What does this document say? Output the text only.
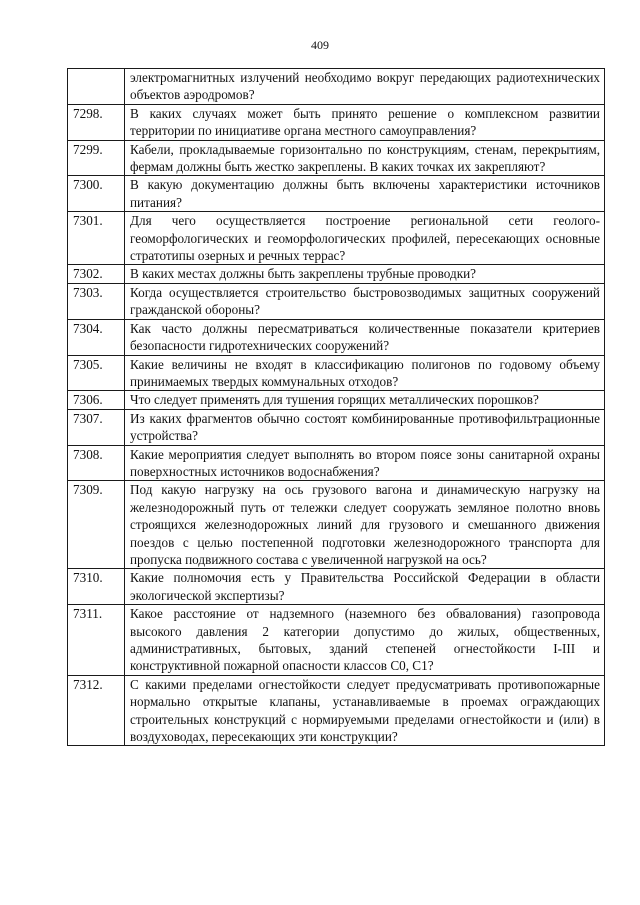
409
	электромагнитных излучений необходимо вокруг передающих радиотехнических объектов аэродромов?
7298.	В каких случаях может быть принято решение о комплексном развитии территории по инициативе органа местного самоуправления?
7299.	Кабели, прокладываемые горизонтально по конструкциям, стенам, перекрытиям, фермам должны быть жестко закреплены. В каких точках их закрепляют?
7300.	В какую документацию должны быть включены характеристики источников питания?
7301.	Для чего осуществляется построение региональной сети геолого-геоморфологических и геоморфологических профилей, пересекающих основные стратотипы озерных и речных террас?
7302.	В каких местах должны быть закреплены трубные проводки?
7303.	Когда осуществляется строительство быстровозводимых защитных сооружений гражданской обороны?
7304.	Как часто должны пересматриваться количественные показатели критериев безопасности гидротехнических сооружений?
7305.	Какие величины не входят в классификацию полигонов по годовому объему принимаемых твердых коммунальных отходов?
7306.	Что следует применять для тушения горящих металлических порошков?
7307.	Из каких фрагментов обычно состоят комбинированные противофильтрационные устройства?
7308.	Какие мероприятия следует выполнять во втором поясе зоны санитарной охраны поверхностных источников водоснабжения?
7309.	Под какую нагрузку на ось грузового вагона и динамическую нагрузку на железнодорожный путь от тележки следует сооружать земляное полотно вновь строящихся железнодорожных линий для грузового и смешанного движения поездов с целью постепенной подготовки железнодорожного транспорта для пропуска подвижного состава с увеличенной нагрузкой на ось?
7310.	Какие полномочия есть у Правительства Российской Федерации в области экологической экспертизы?
7311.	Какое расстояние от надземного (наземного без обвалования) газопровода высокого давления 2 категории допустимо до жилых, общественных, административных, бытовых, зданий степеней огнестойкости I-III и конструктивной пожарной опасности классов С0, С1?
7312.	С какими пределами огнестойкости следует предусматривать противопожарные нормально открытые клапаны, устанавливаемые в проемах ограждающих строительных конструкций с нормируемыми пределами огнестойкости и (или) в воздуховодах, пересекающих эти конструкции?
